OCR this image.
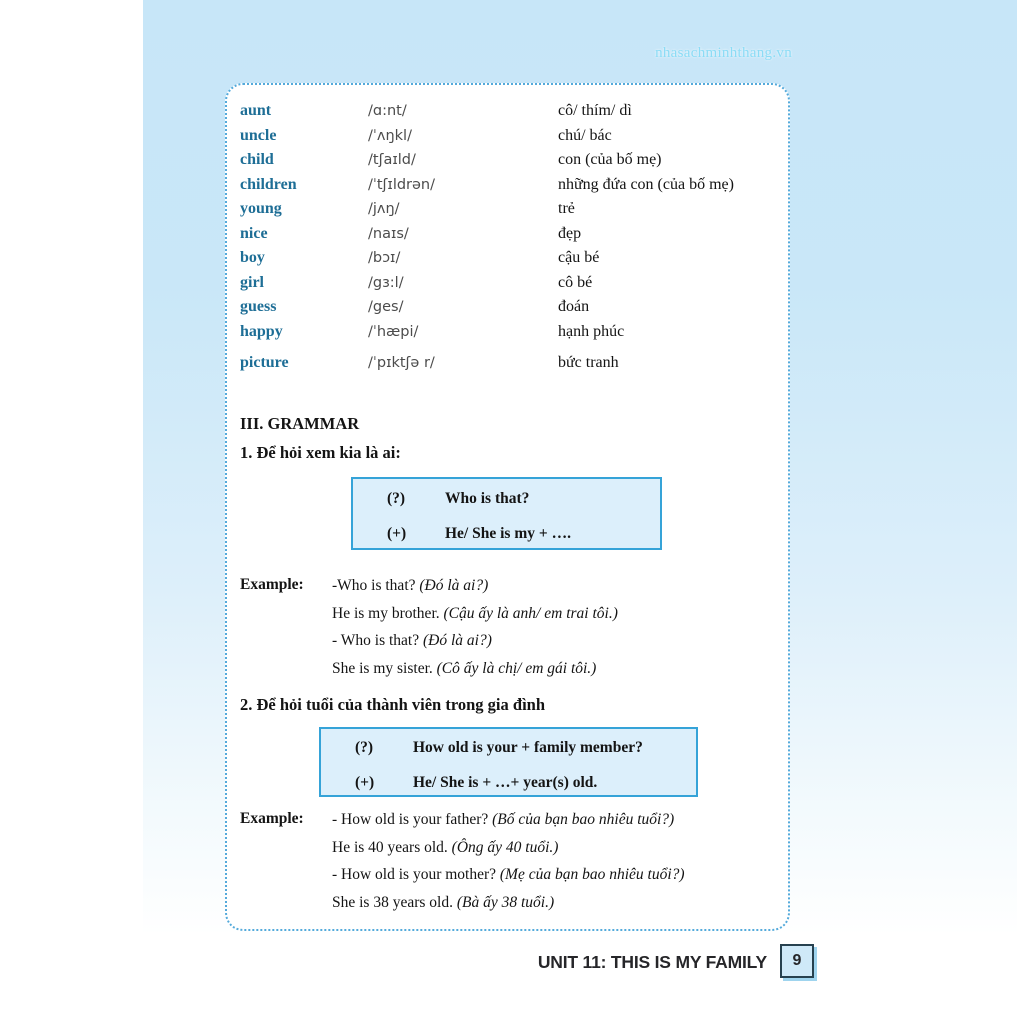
nhasachminhthang.vn
aunt	/ɑ:nt/	cô/ thím/ dì
uncle	/ˈʌŋkl/	chú/ bác
child	/tʃaɪld/	con (của bố mẹ)
children	/ˈtʃɪldrən/	những đứa con (của bố mẹ)
young	/jʌŋ/	trẻ
nice	/naɪs/	đẹp
boy	/bɔɪ/	cậu bé
girl	/gɜ:l/	cô bé
guess	/ges/	đoán
happy	/ˈhæpi/	hạnh phúc
picture	/ˈpɪktʃə r/	bức tranh
III. GRAMMAR
1. Để hỏi xem kia là ai:
(?)	Who is that?
(+)	He/ She is my + ….
Example: -Who is that? (Đó là ai?)
He is my brother. (Cậu ấy là anh/ em trai tôi.)
- Who is that? (Đó là ai?)
She is my sister. (Cô ấy là chị/ em gái tôi.)
2. Để hỏi tuổi của thành viên trong gia đình
(?)	How old is your + family member?
(+)	He/ She is + …+ year(s) old.
Example: - How old is your father? (Bố của bạn bao nhiêu tuổi?)
He is 40 years old. (Ông ấy 40 tuổi.)
- How old is your mother? (Mẹ của bạn bao nhiêu tuổi?)
She is 38 years old. (Bà ấy 38 tuổi.)
UNIT 11: THIS IS MY FAMILY	9
